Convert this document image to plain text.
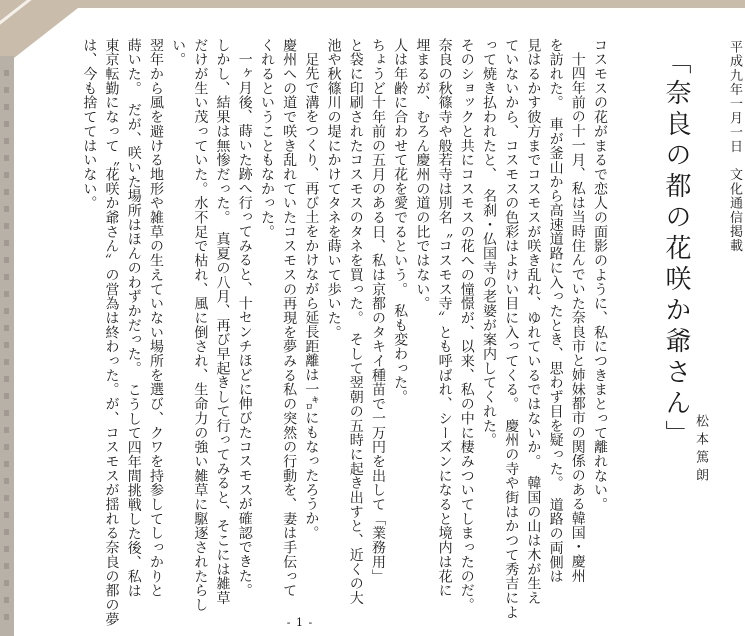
平成九年一月一日　文化通信掲載
「奈良の都の花咲か爺さん」 松本篤朗
コスモスの花がまるで恋人の面影のように、私につきまとって離れない。
十四年前の十一月、私は当時住んでいた奈良市と姉妹都市の関係のある韓国・慶州
を訪れた。　車が釜山から高速道路に入ったとき、思わず目を疑った。　道路の両側は
見はるかす彼方までコスモスが咲き乱れ、ゆれているではないか。　韓国の山は木が生え
ていないから、コスモスの色彩はよけい目に入ってくる。　慶州の寺や街はかつて秀吉によ
って焼き払われたと、　名刹・仏国寺の老婆が案内してくれた。
そのショックと共にコスモスの花への憧憬が、以来、私の中に棲みついてしまったのだ。
奈良の秋篠寺や般若寺は別名〝コスモス寺〟とも呼ばれ、シーズンになると境内は花に
埋まるが、むろん慶州の道の比ではない。
人は年齢に合わせて花を愛でるという。　私も変わった。
ちょうど十年前の五月のある日、私は京都のタキイ種苗で一万円を出して「業務用」
と袋に印刷されたコスモスのタネを買った。　そして翌朝の五時に起き出すと、近くの大
池や秋篠川の堤にかけてタネを蒔いて歩いた。
足先で溝をつくり、再び土をかけながら延長距離は一㌔にもなったろうか。
慶州への道で咲き乱れていたコスモスの再現を夢みる私の突然の行動を、妻は手伝って
くれるということもなかった。
一ヶ月後、蒔いた跡へ行ってみると、十センチほどに伸びたコスモスが確認できた。
しかし、結果は無惨だった。　真夏の八月、再び早起きして行ってみると、そこには雑草
だけが生い茂っていた。水不足で枯れ、風に倒され、生命力の強い雑草に駆逐されたらし
い。
翌年から風を避ける地形や雑草の生えていない場所を選び、クワを持参してしっかりと
蒔いた。　だが、咲いた場所はほんのわずかだった。　こうして四年間挑戦した後、私は
東京転勤になって〝花咲か爺さん〟の営為は終わった。が、コスモスが揺れる奈良の都の夢
は、今も捨ててはいない。
- 1 -
